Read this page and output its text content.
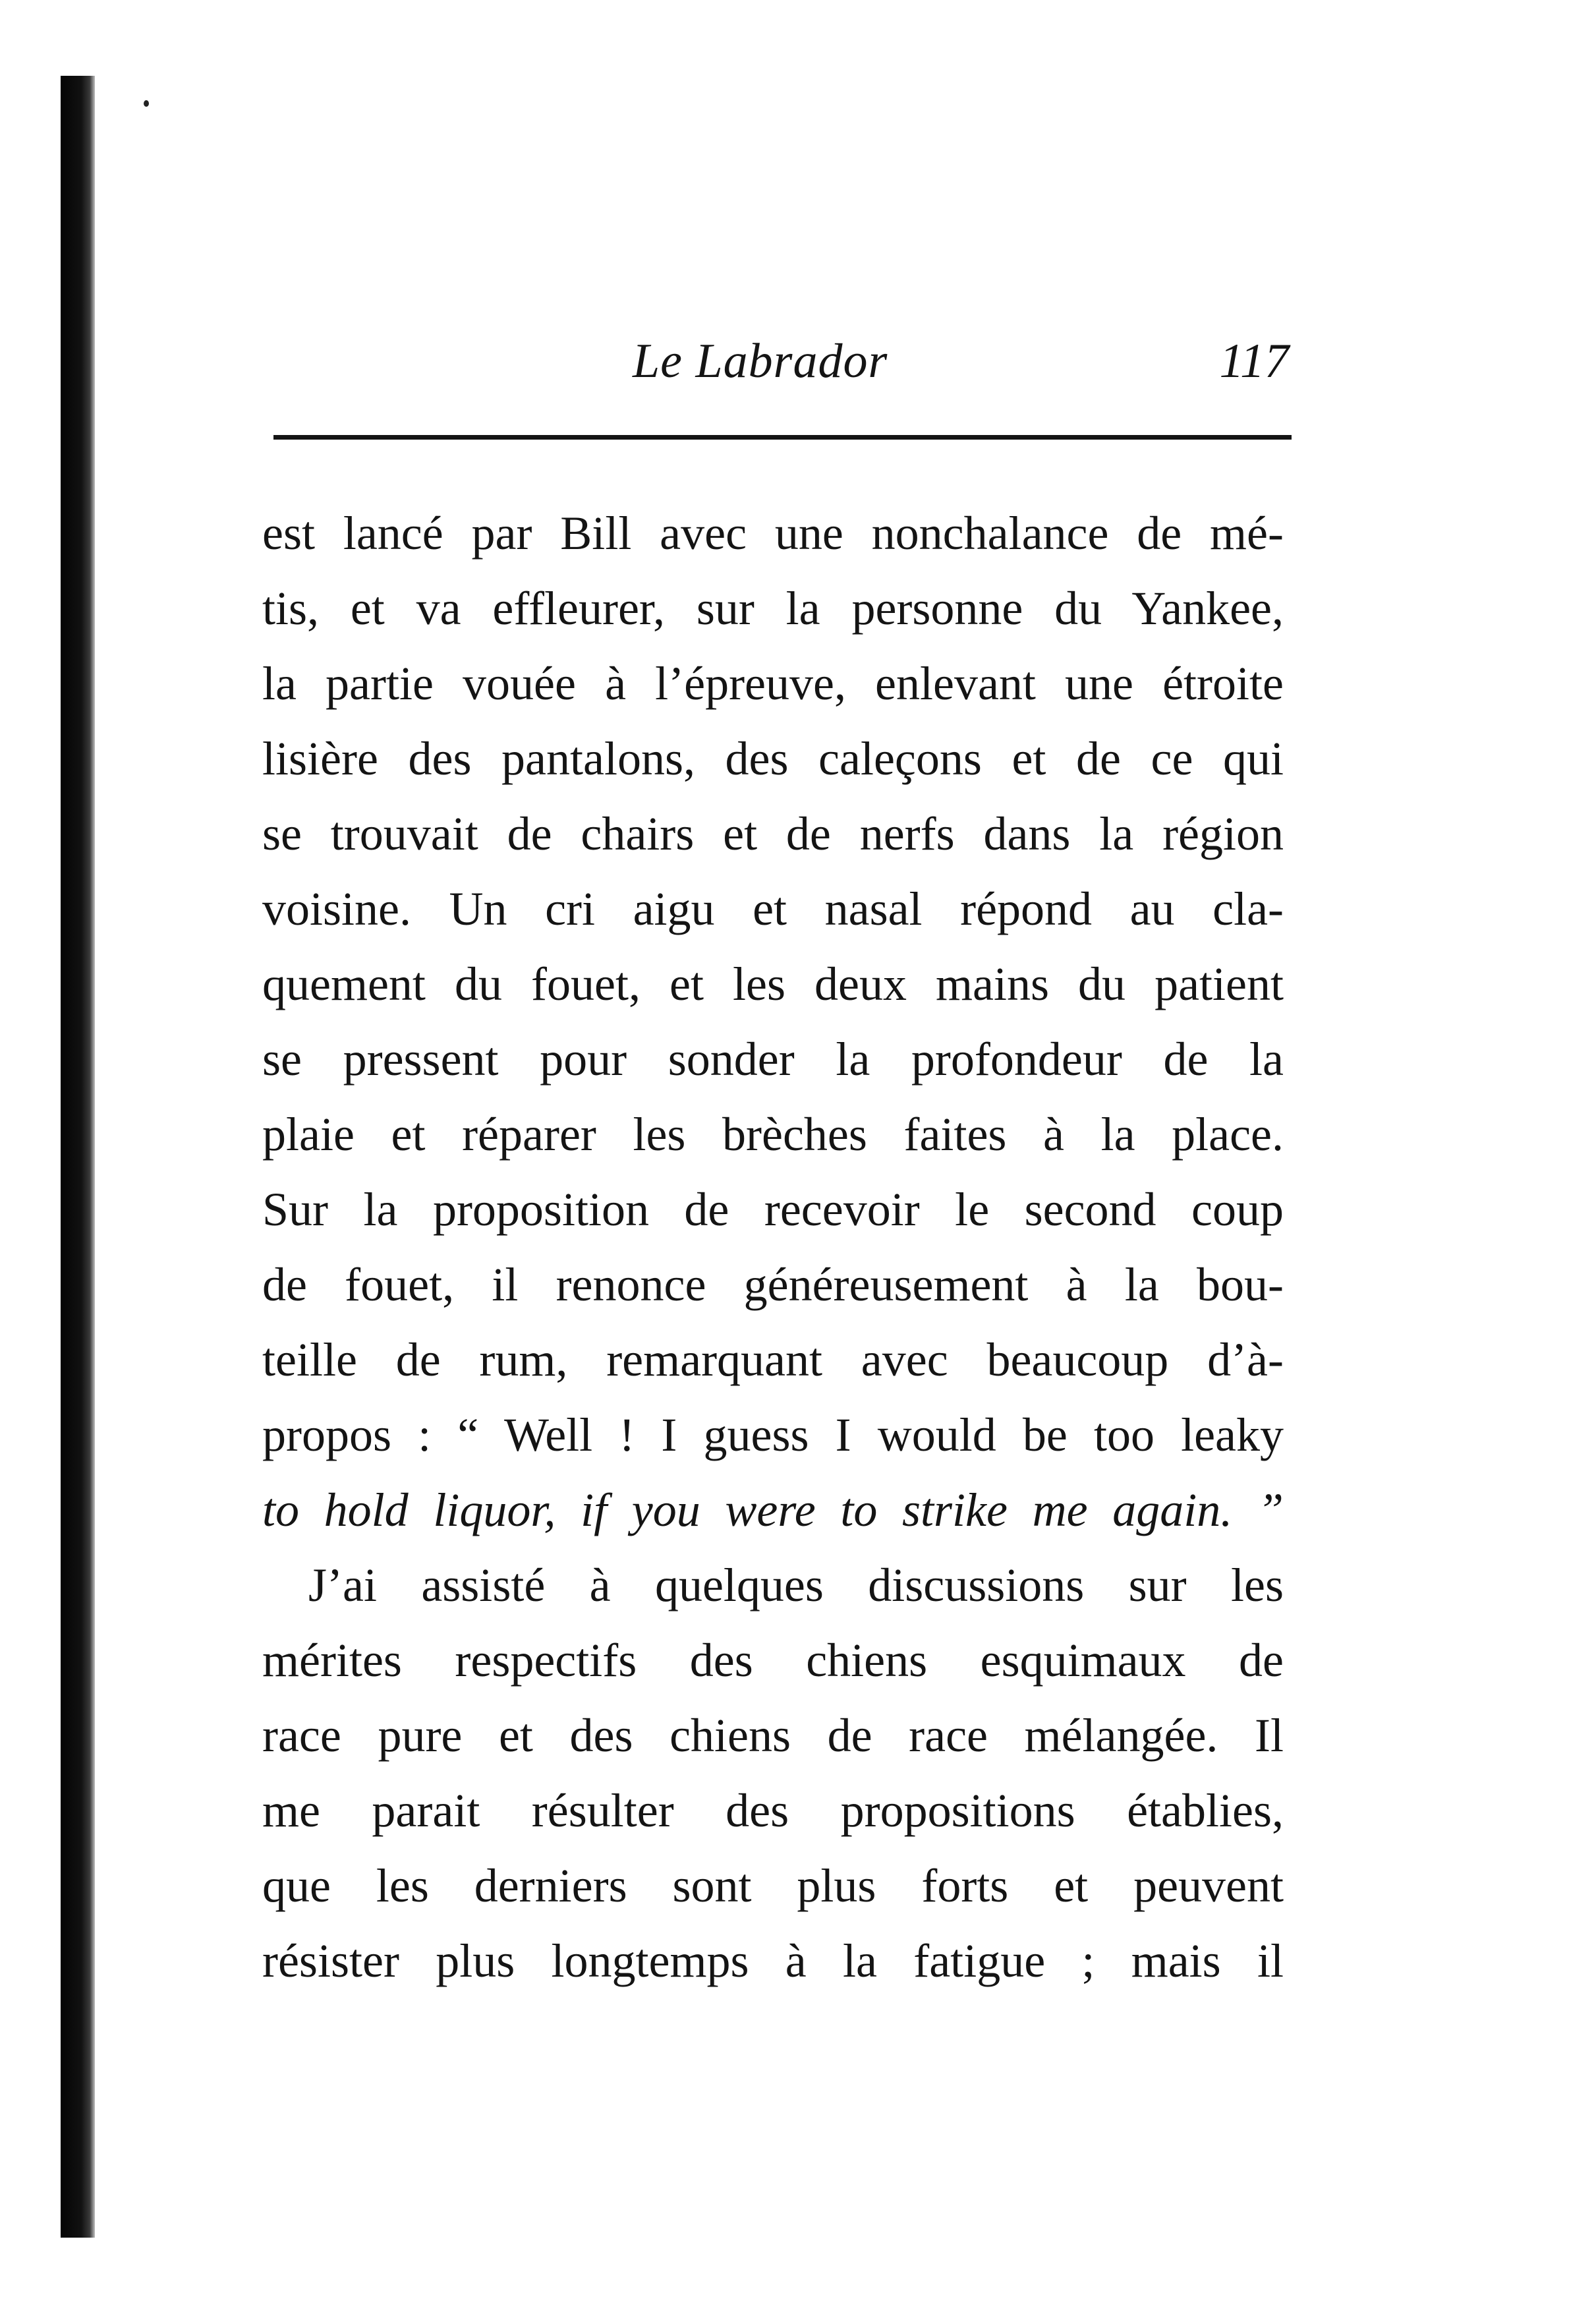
Le Labrador	117
est lancé par Bill avec une nonchalance de mé-
tis, et va effleurer, sur la personne du Yankee,
la partie vouée à l’épreuve, enlevant une étroite
lisière des pantalons, des caleçons et de ce qui
se trouvait de chairs et de nerfs dans la région
voisine. Un cri aigu et nasal répond au cla-
quement du fouet, et les deux mains du patient
se pressent pour sonder la profondeur de la
plaie et réparer les brèches faites à la place.
Sur la proposition de recevoir le second coup
de fouet, il renonce généreusement à la bou-
teille de rum, remarquant avec beaucoup d’à-
propos : “ Well ! I guess I would be too leaky
to hold liquor, if you were to strike me again. ”
J’ai assisté à quelques discussions sur les
mérites respectifs des chiens esquimaux de
race pure et des chiens de race mélangée. Il
me parait résulter des propositions établies,
que les derniers sont plus forts et peuvent
résister plus longtemps à la fatigue ; mais il
